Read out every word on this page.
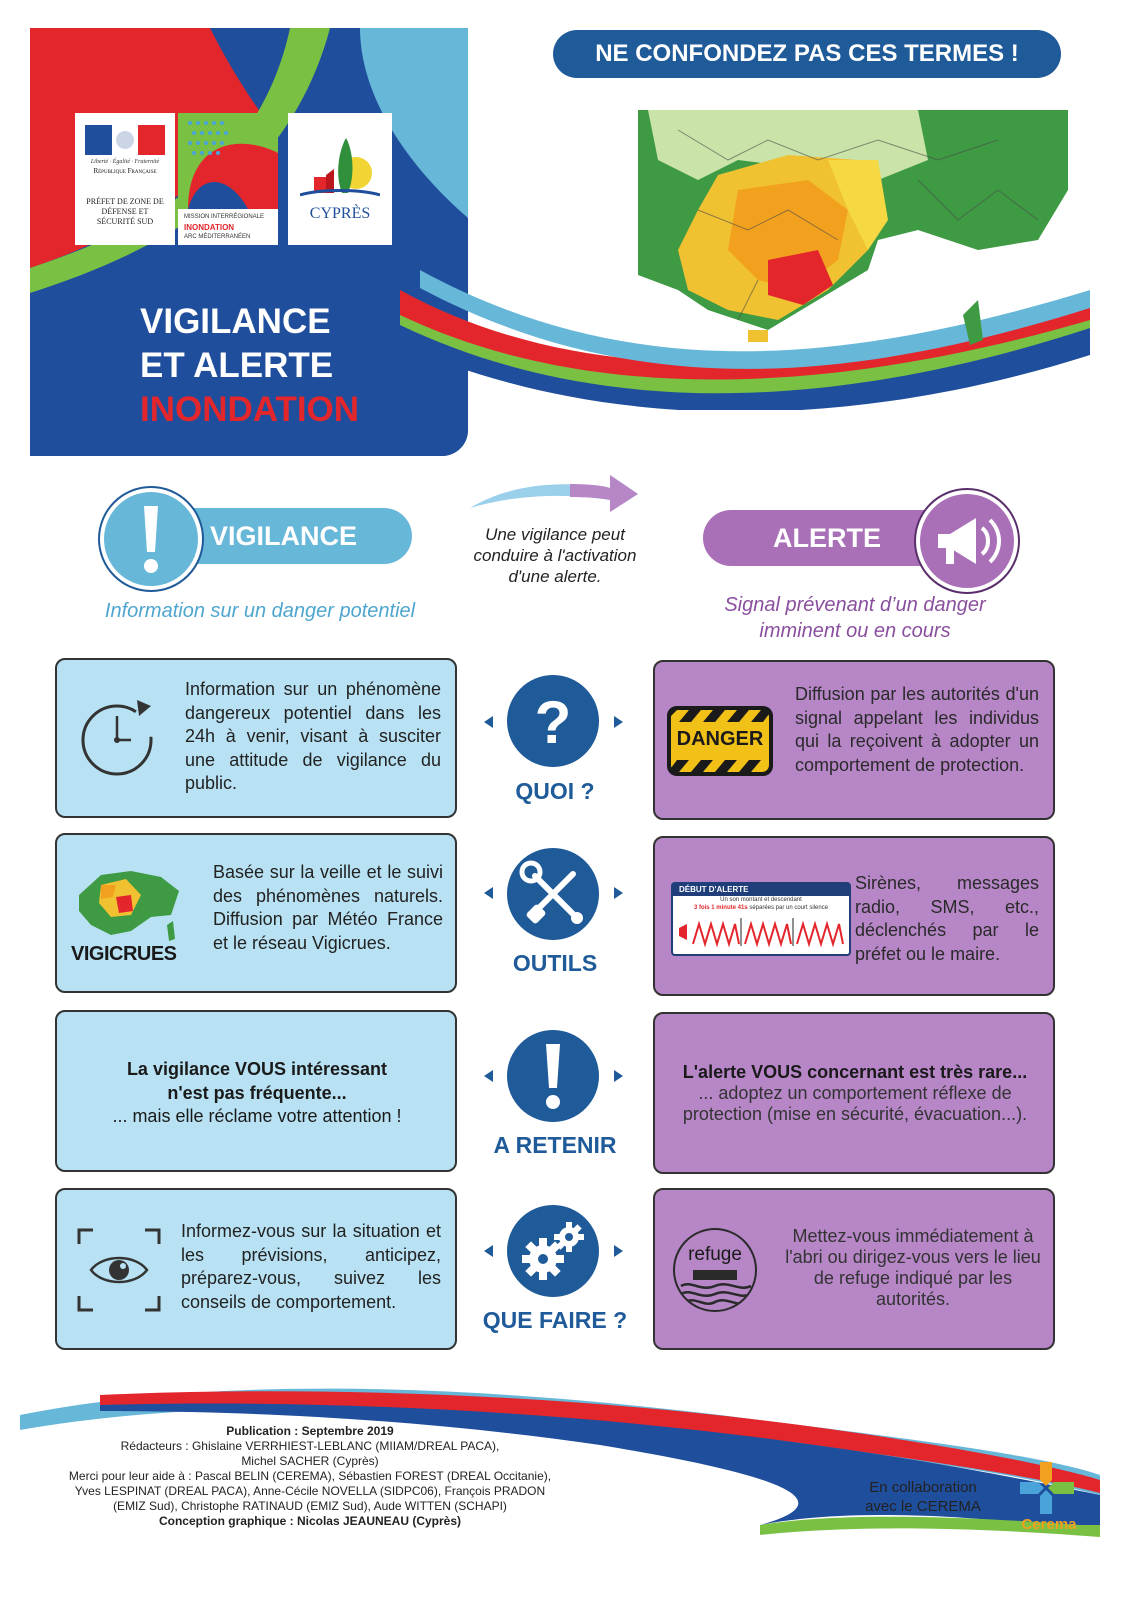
Liberté · Égalité · Fraternité
République Française
PRÉFET DE ZONE DE DÉFENSE ET SÉCURITÉ SUD	MISSION INTERRÉGIONALE
INONDATION
ARC MÉDITERRANÉEN
CYPRÈS
VIGILANCE
ET ALERTE
INONDATION
NE CONFONDEZ PAS CES TERMES !
VIGILANCE
Information sur un danger potentiel
Une vigilance peut
conduire à l'activation
d'une alerte.
ALERTE
Signal prévenant d’un danger
imminent ou en cours
Information sur un phénomène dangereux potentiel dans les 24h à venir, visant à susciter une attitude de vigilance du public.
?
QUOI ?
DANGER
Diffusion par les autorités d'un signal appelant les individus qui la reçoivent à adopter un comportement de protection.
VIGICRUES
Basée sur la veille et le suivi des phénomènes naturels. Diffusion par Météo France et le réseau Vigicrues.
OUTILS
DÉBUT D'ALERTE
Un son montant et descendant
3 fois 1 minute 41s séparées par un court silence
Sirènes, messages radio, SMS, etc., déclenchés par le préfet ou le maire.
La vigilance VOUS intéressant
n'est pas fréquente...
... mais elle réclame votre attention !
A RETENIR
L'alerte VOUS concernant est très rare...
... adoptez un comportement réflexe de protection (mise en sécurité, évacuation...).
Informez-vous sur la situation et les prévisions, anticipez, préparez-vous, suivez les conseils de comportement.
QUE FAIRE ?
refuge
Mettez-vous immédiatement à l'abri ou dirigez-vous vers le lieu de refuge indiqué par les autorités.
Publication : Septembre 2019
Rédacteurs : Ghislaine VERRHIEST-LEBLANC (MIIAM/DREAL PACA),
Michel SACHER (Cyprès)
Merci pour leur aide à : Pascal BELIN (CEREMA), Sébastien FOREST (DREAL Occitanie),
Yves LESPINAT (DREAL PACA), Anne-Cécile NOVELLA (SIDPC06), François PRADON
(EMIZ Sud), Christophe RATINAUD (EMIZ Sud), Aude WITTEN (SCHAPI)
Conception graphique : Nicolas JEAUNEAU (Cyprès)
En collaboration
avec le CEREMA
Cerema
